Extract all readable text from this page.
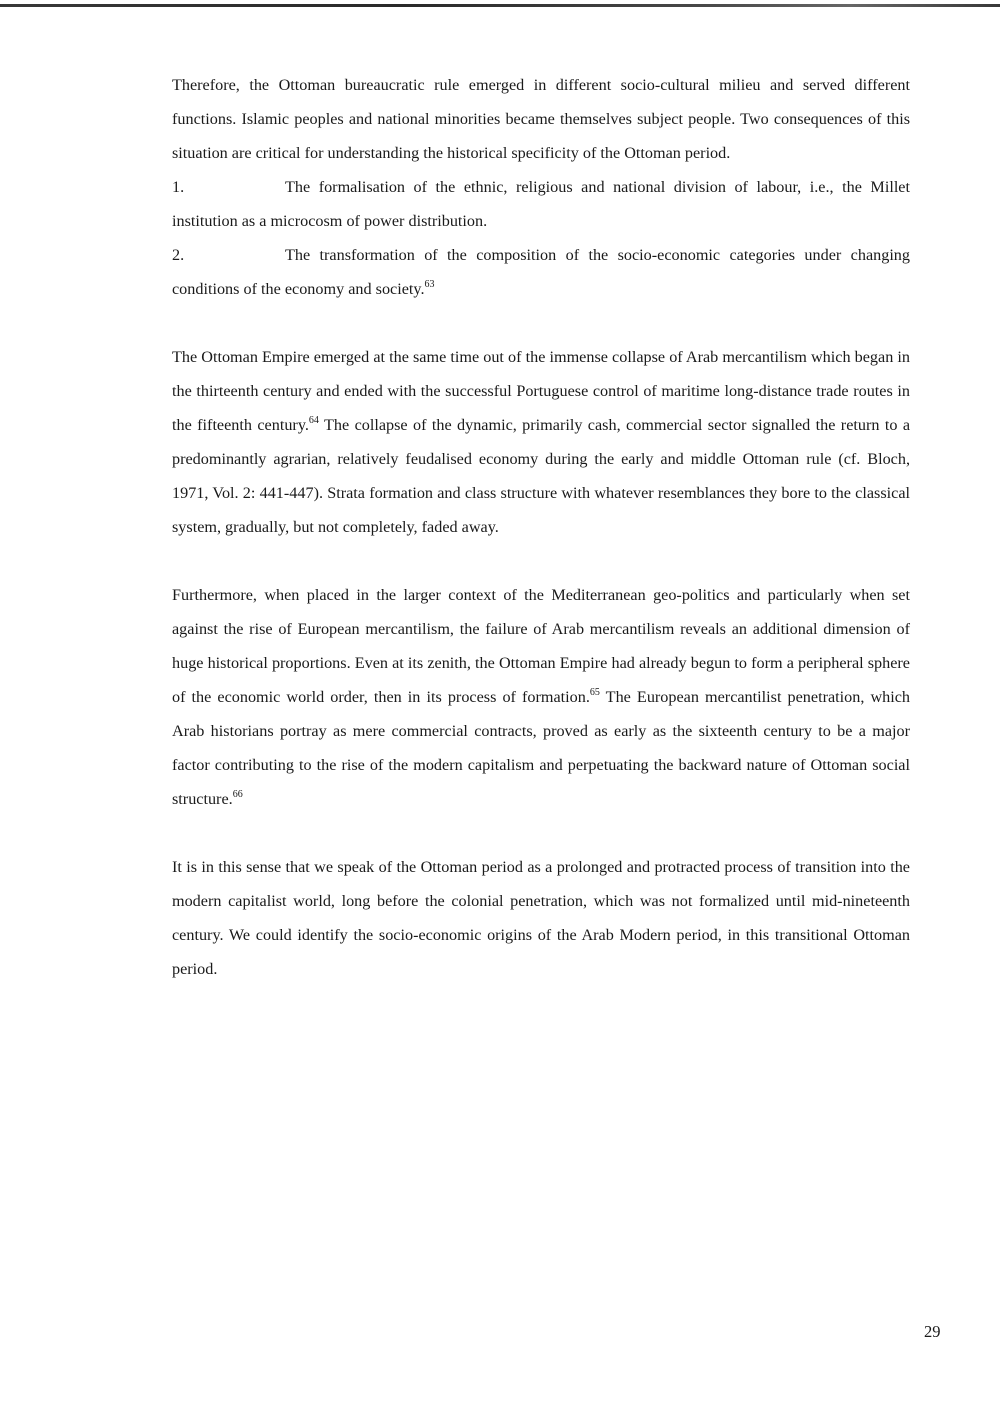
Therefore, the Ottoman bureaucratic rule emerged in different socio-cultural milieu and served different functions. Islamic peoples and national minorities became themselves subject people. Two consequences of this situation are critical for understanding the historical specificity of the Ottoman period.

1.	The formalisation of the ethnic, religious and national division of labour, i.e., the Millet institution as a microcosm of power distribution.

2.	The transformation of the composition of the socio-economic categories under changing conditions of the economy and society.$^{63}$

The Ottoman Empire emerged at the same time out of the immense collapse of Arab mercantilism which began in the thirteenth century and ended with the successful Portuguese control of maritime long-distance trade routes in the fifteenth century.$^{64}$ The collapse of the dynamic, primarily cash, commercial sector signalled the return to a predominantly agrarian, relatively feudalised economy during the early and middle Ottoman rule (cf. Bloch, 1971, Vol. 2: 441-447). Strata formation and class structure with whatever resemblances they bore to the classical system, gradually, but not completely, faded away.

Furthermore, when placed in the larger context of the Mediterranean geo-politics and particularly when set against the rise of European mercantilism, the failure of Arab mercantilism reveals an additional dimension of huge historical proportions. Even at its zenith, the Ottoman Empire had already begun to form a peripheral sphere of the economic world order, then in its process of formation.$^{65}$ The European mercantilist penetration, which Arab historians portray as mere commercial contracts, proved as early as the sixteenth century to be a major factor contributing to the rise of the modern capitalism and perpetuating the backward nature of Ottoman social structure.$^{66}$

It is in this sense that we speak of the Ottoman period as a prolonged and protracted process of transition into the modern capitalist world, long before the colonial penetration, which was not formalized until mid-nineteenth century. We could identify the socio-economic origins of the Arab Modern period, in this transitional Ottoman period.

29
